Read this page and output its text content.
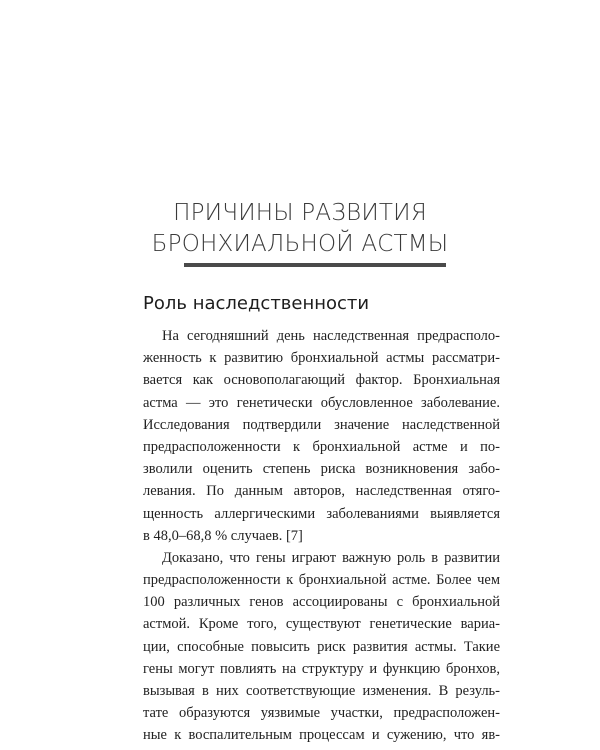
ПРИЧИНЫ РАЗВИТИЯ
БРОНХИАЛЬНОЙ АСТМЫ
Роль наследственности

На сегодняшний день наследственная предрасполо-
женность к развитию бронхиальной астмы рассматри-
вается как основополагающий фактор. Бронхиальная
астма — это генетически обусловленное заболевание.
Исследования подтвердили значение наследственной
предрасположенности к бронхиальной астме и по-
зволили оценить степень риска возникновения забо-
левания. По данным авторов, наследственная отяго-
щенность аллергическими заболеваниями выявляется
в 48,0–68,8 % случаев. [7]

Доказано, что гены играют важную роль в развитии
предрасположенности к бронхиальной астме. Более чем
100 различных генов ассоциированы с бронхиальной
астмой. Кроме того, существуют генетические вариа-
ции, способные повысить риск развития астмы. Такие
гены могут повлиять на структуру и функцию бронхов,
вызывая в них соответствующие изменения. В резуль-
тате образуются уязвимые участки, предрасположен-
ные к воспалительным процессам и сужению, что яв-
